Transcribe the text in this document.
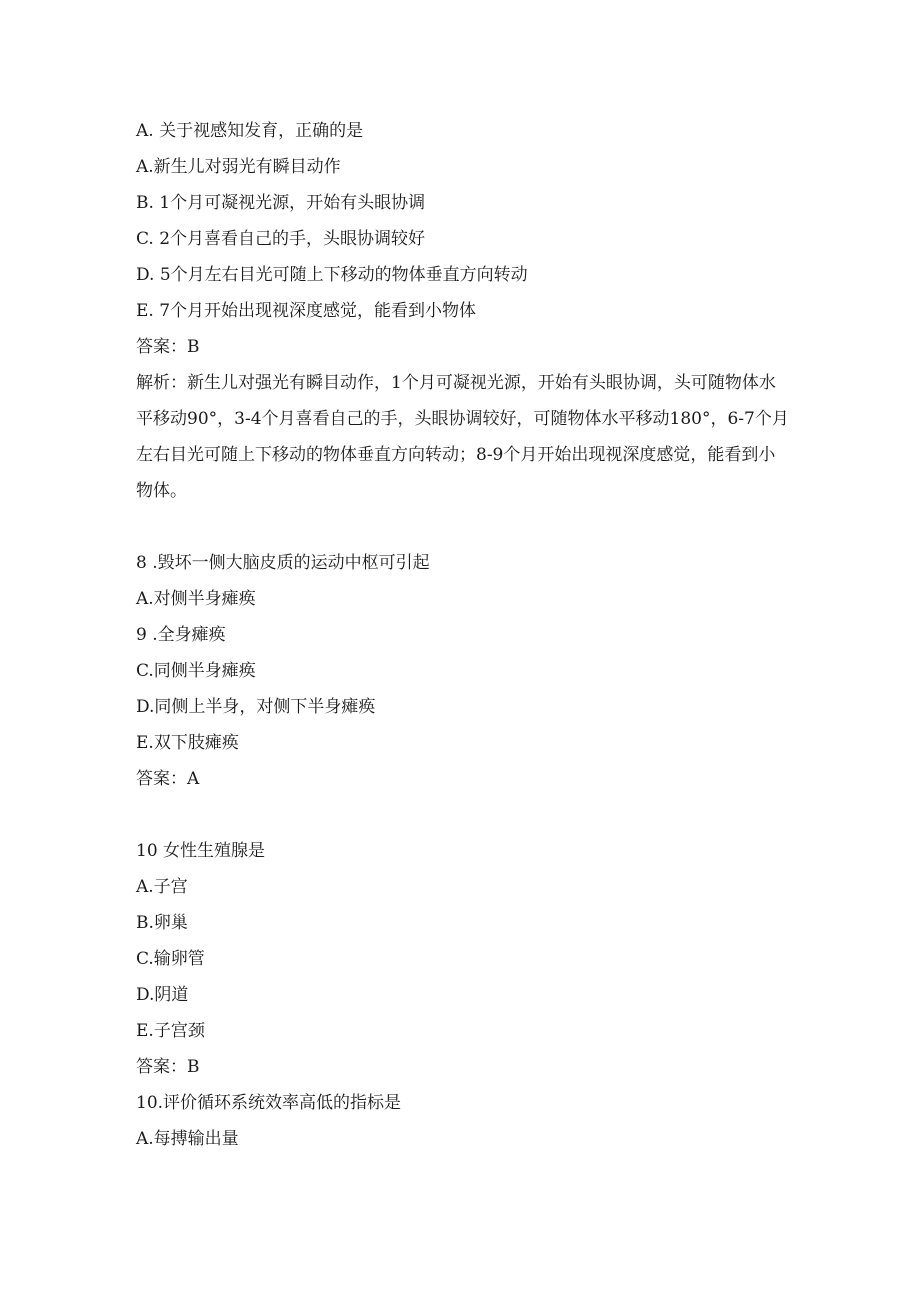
A. 关于视感知发育，正确的是
A.新生儿对弱光有瞬目动作
B. 1个月可凝视光源，开始有头眼协调
C. 2个月喜看自己的手，头眼协调较好
D. 5个月左右目光可随上下移动的物体垂直方向转动
E. 7个月开始出现视深度感觉，能看到小物体
答案：B
解析：新生儿对强光有瞬目动作，1个月可凝视光源，开始有头眼协调，头可随物体水平移动90°，3-4个月喜看自己的手，头眼协调较好，可随物体水平移动180°，6-7个月左右目光可随上下移动的物体垂直方向转动；8-9个月开始出现视深度感觉，能看到小物体。
8 .毁坏一侧大脑皮质的运动中枢可引起
A.对侧半身瘫痪
9 .全身瘫痪
C.同侧半身瘫痪
D.同侧上半身，对侧下半身瘫痪
E.双下肢瘫痪
答案：A
10 女性生殖腺是
A.子宫
B.卵巢
C.输卵管
D.阴道
E.子宫颈
答案：B
10.评价循环系统效率高低的指标是
A.每搏输出量
